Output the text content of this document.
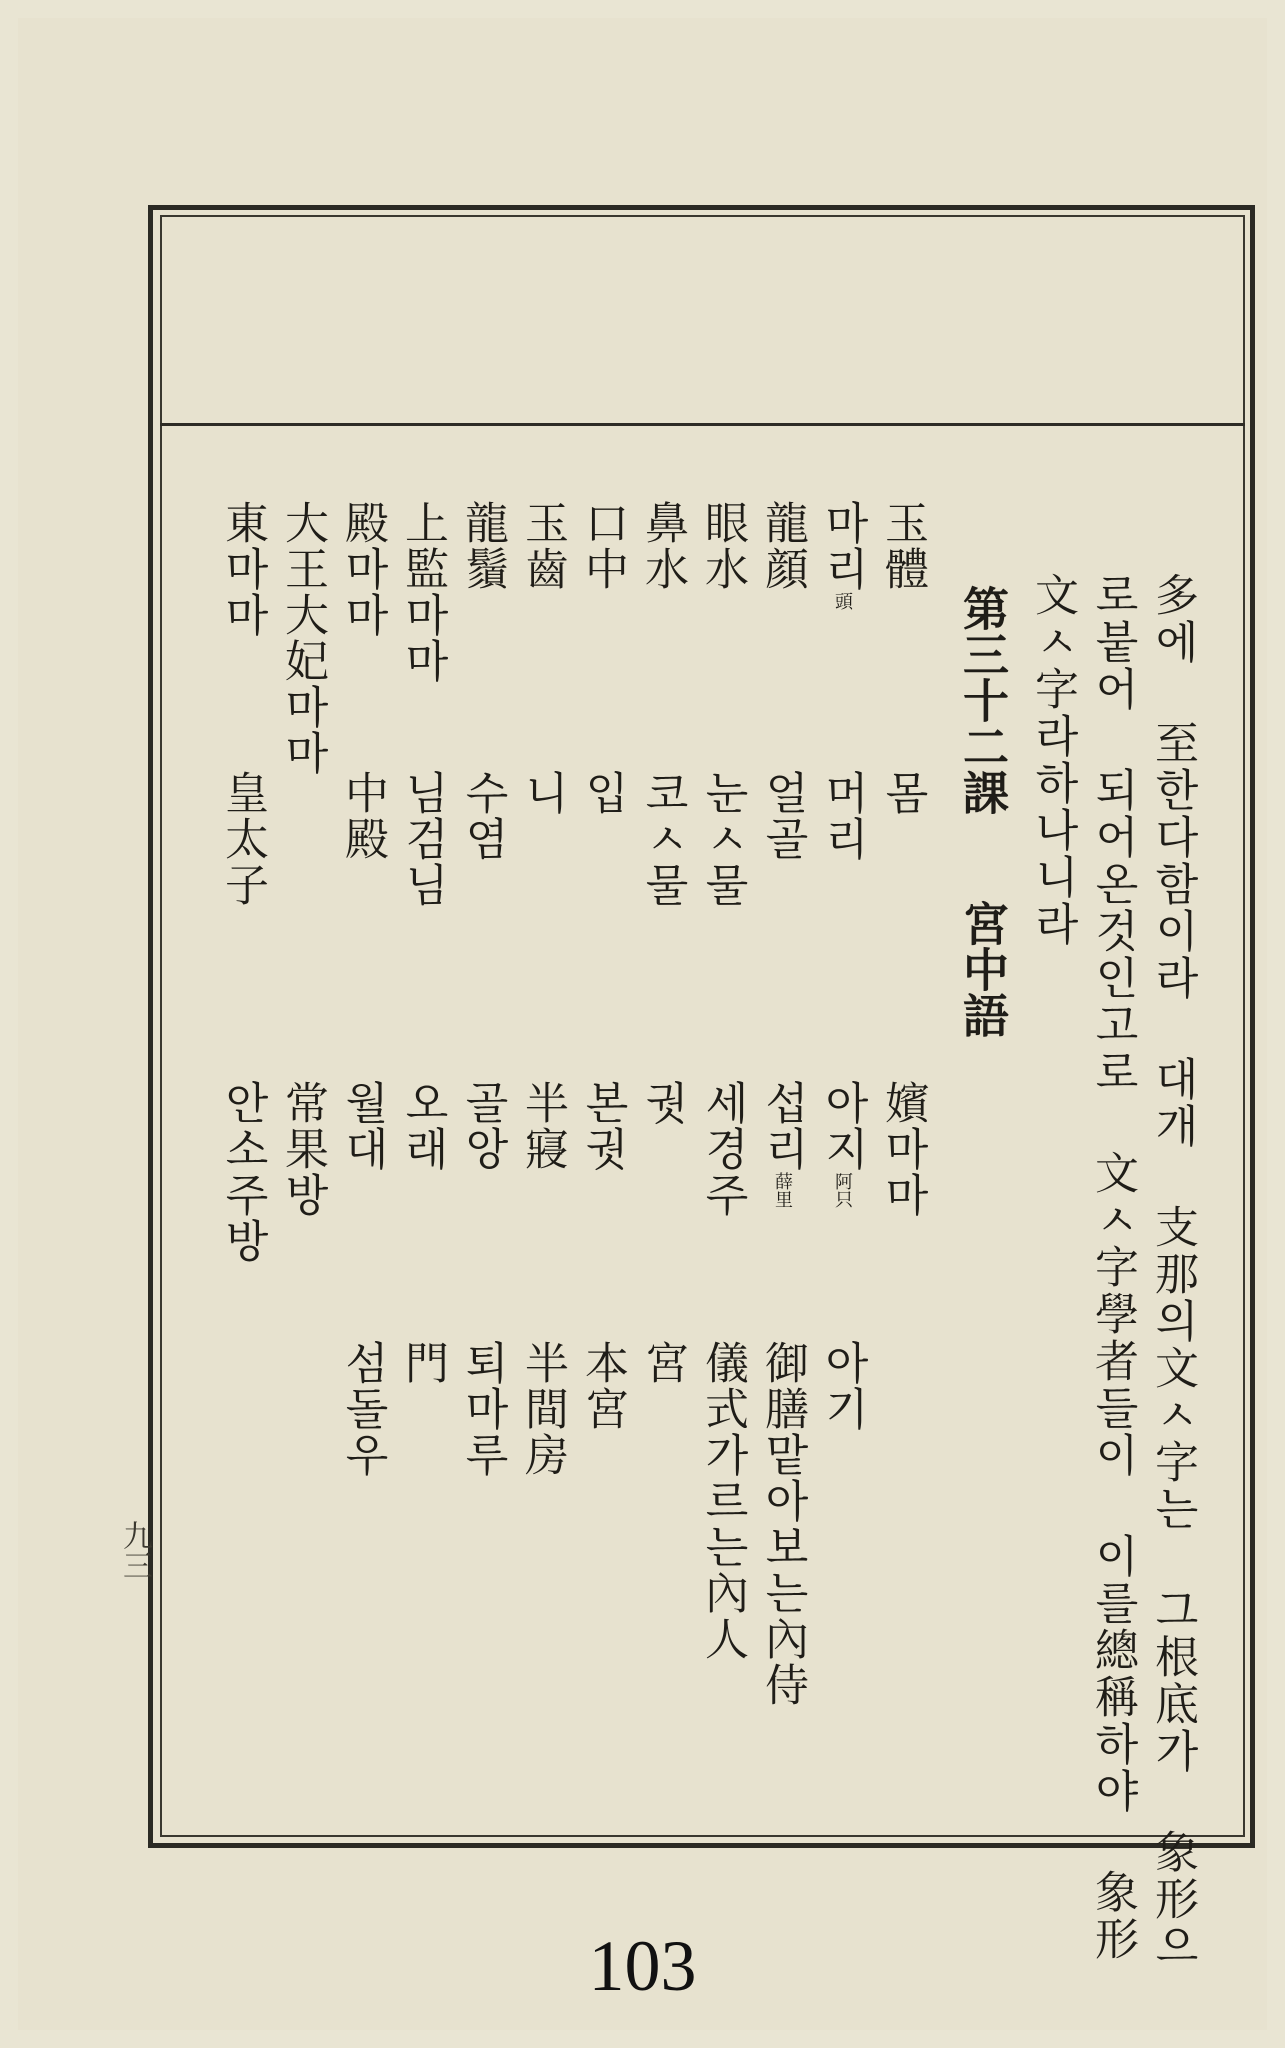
多에 至한다함이라 대개 支那의文ㅅ字는 그根底가 象形으
로붙어 되어온것인고로 文ㅅ字學者들이 이를總稱하야 象形
文ㅅ字라하나니라
第三十二課
宮中語
玉體
몸
嬪마마
마리頭
머리
아지阿只
아기
龍顔
얼골
섭리薛里
御膳맡아보는內侍
眼水
눈ㅅ물
세경주
儀式가르는內人
鼻水
코ㅅ물
궛
宮
口中
입
본궛
本宮
玉齒
니
半寢
半間房
龍鬚
수염
골앙
퇴마루
上監마마
님검님
오래
門
殿마마
中殿
월대
섬돌우
大王大妃마마
常果방
東마마
皇太子
안소주방
九三
103
